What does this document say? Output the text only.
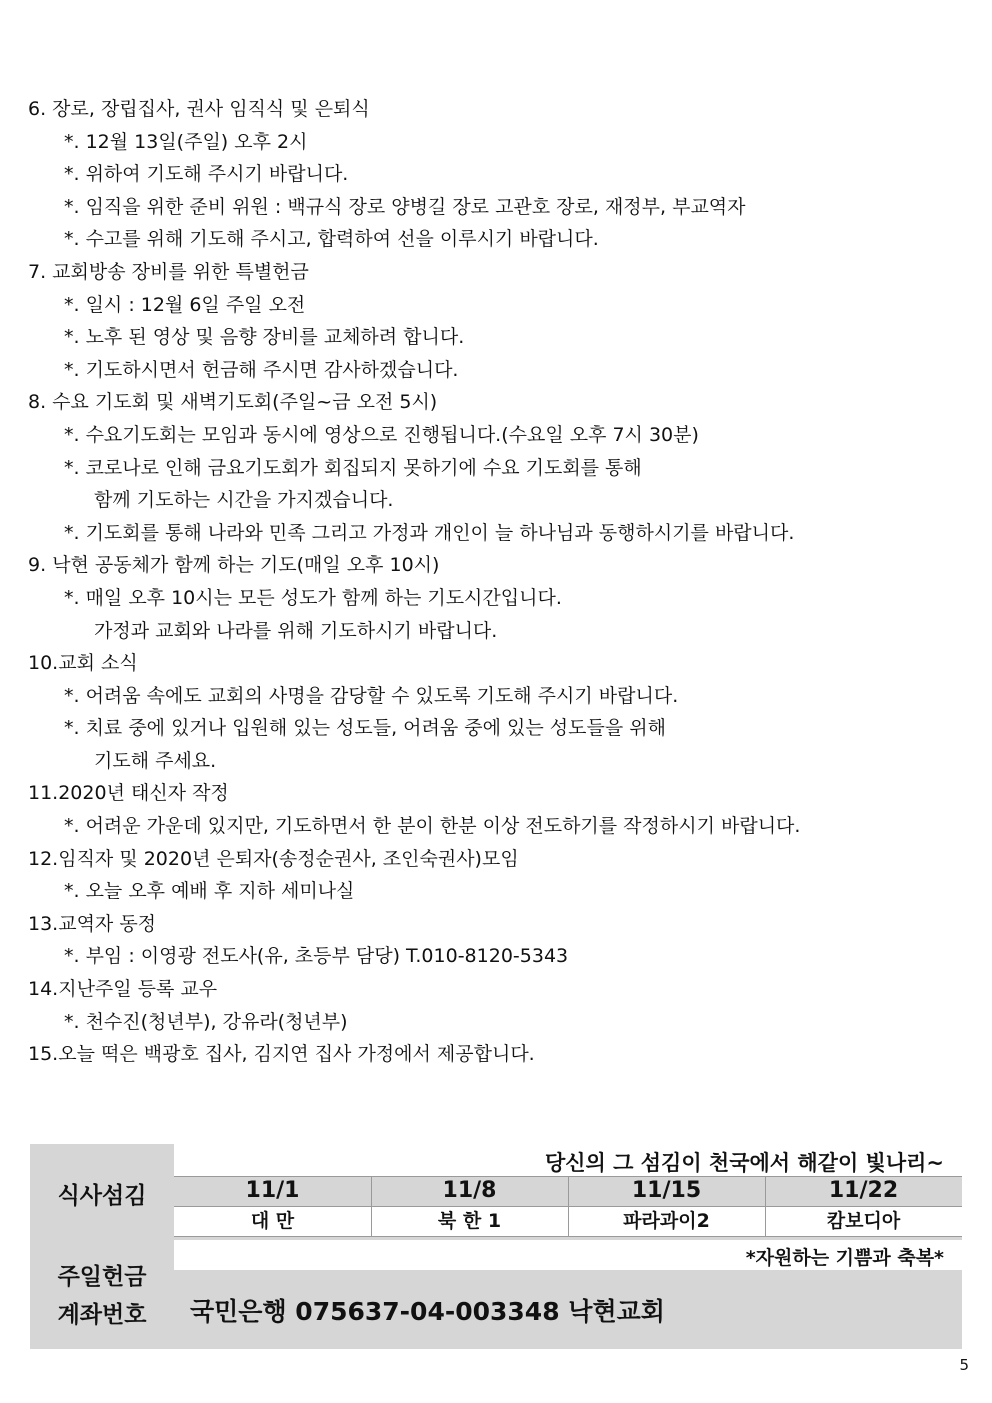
6. 장로, 장립집사, 권사 임직식 및 은퇴식
*. 12월 13일(주일) 오후 2시
*. 위하여 기도해 주시기 바랍니다.
*. 임직을 위한 준비 위원 : 백규식 장로 양병길 장로 고관호 장로, 재정부, 부교역자
*. 수고를 위해 기도해 주시고, 합력하여 선을 이루시기 바랍니다.
7. 교회방송 장비를 위한 특별헌금
*. 일시 : 12월 6일 주일 오전
*. 노후 된 영상 및 음향 장비를 교체하려 합니다.
*. 기도하시면서 헌금해 주시면 감사하겠습니다.
8. 수요 기도회 및 새벽기도회(주일~금 오전 5시)
*. 수요기도회는 모임과 동시에 영상으로 진행됩니다.(수요일 오후 7시 30분)
*. 코로나로 인해 금요기도회가 회집되지 못하기에 수요 기도회를 통해
함께 기도하는 시간을 가지겠습니다.
*. 기도회를 통해 나라와 민족 그리고 가정과 개인이 늘 하나님과 동행하시기를 바랍니다.
9. 낙현 공동체가 함께 하는 기도(매일 오후 10시)
*. 매일 오후 10시는 모든 성도가 함께 하는 기도시간입니다.
가정과 교회와 나라를 위해 기도하시기 바랍니다.
10.교회 소식
*. 어려움 속에도 교회의 사명을 감당할 수 있도록 기도해 주시기 바랍니다.
*. 치료 중에 있거나 입원해 있는 성도들, 어려움 중에 있는 성도들을 위해
기도해 주세요.
11.2020년 태신자 작정
*. 어려운 가운데 있지만, 기도하면서 한 분이 한분 이상 전도하기를 작정하시기 바랍니다.
12.임직자 및 2020년 은퇴자(송정순권사, 조인숙권사)모임
*. 오늘 오후 예배 후 지하 세미나실
13.교역자 동정
*. 부임 : 이영광 전도사(유, 초등부 담당) T.010-8120-5343
14.지난주일 등록 교우
*. 천수진(청년부), 강유라(청년부)
15.오늘 떡은 백광호 집사, 김지연 집사 가정에서 제공합니다.
식사섬김
당신의 그 섬김이 천국에서 해같이 빛나리~
11/1	11/8	11/15	11/22
대 만	북 한 1	파라과이2	캄보디아
*자원하는 기쁨과 축복*
주일헌금
계좌번호	국민은행 075637-04-003348 낙현교회
5
